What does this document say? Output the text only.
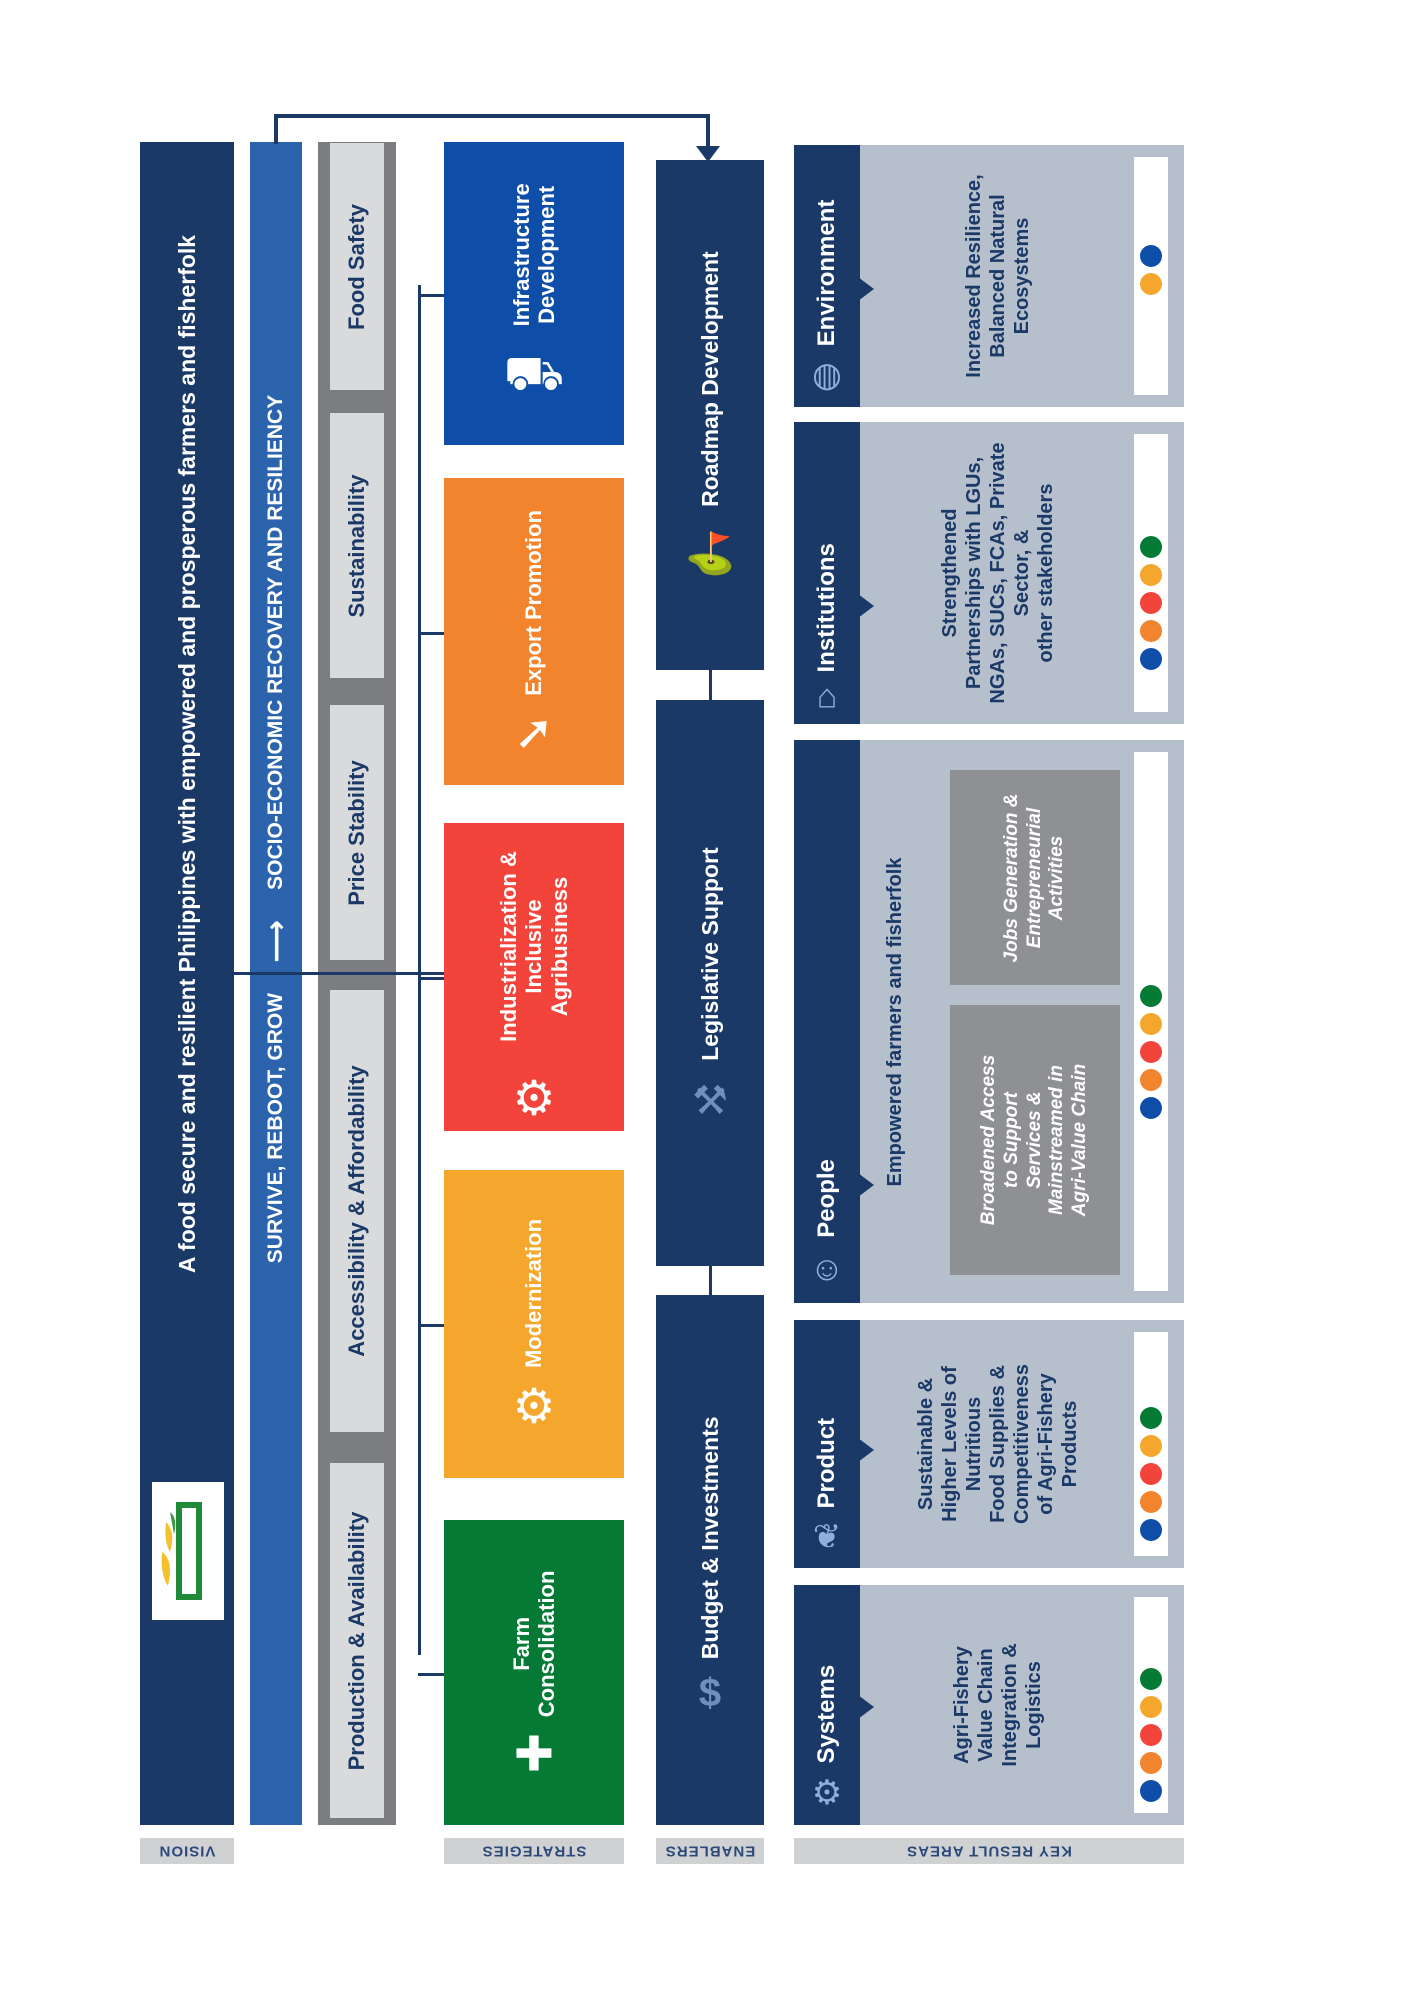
A food secure and resilient Philippines with empowered and prosperous farmers and fisherfolk
VISION
SURVIVE, REBOOT, GROW
⟶
SOCIO-ECONOMIC RECOVERY AND RESILIENCY
Production & Availability
Accessibility & Affordability
Price Stability
Sustainability
Food Safety
✚
Farm
Consolidation
⚙
Modernization
⚙
Industrialization &
Inclusive Agribusiness
➚
Export Promotion
⛟
Infrastructure
Development
STRATEGIES
$
Budget & Investments
⚒
Legislative Support
⛳
Roadmap Development
ENABLERS
⚙
Systems	Agri-Fishery Value Chain Integration & Logistics
❦
Product	Sustainable & Higher Levels of Nutritious Food Supplies & Competitiveness of Agri-Fishery Products
☺
People
Empowered farmers and fisherfolk	Broadened Access
to Support
Services &
Mainstreamed in
Agri-Value Chain
Jobs Generation &
Entrepreneurial
Activities
⌂
Institutions	Strengthened Partnerships with LGUs, NGAs, SUCs, FCAs, Private Sector, & other stakeholders
◍
Environment	Increased Resilience, Balanced Natural Ecosystems
KEY RESULT AREAS
